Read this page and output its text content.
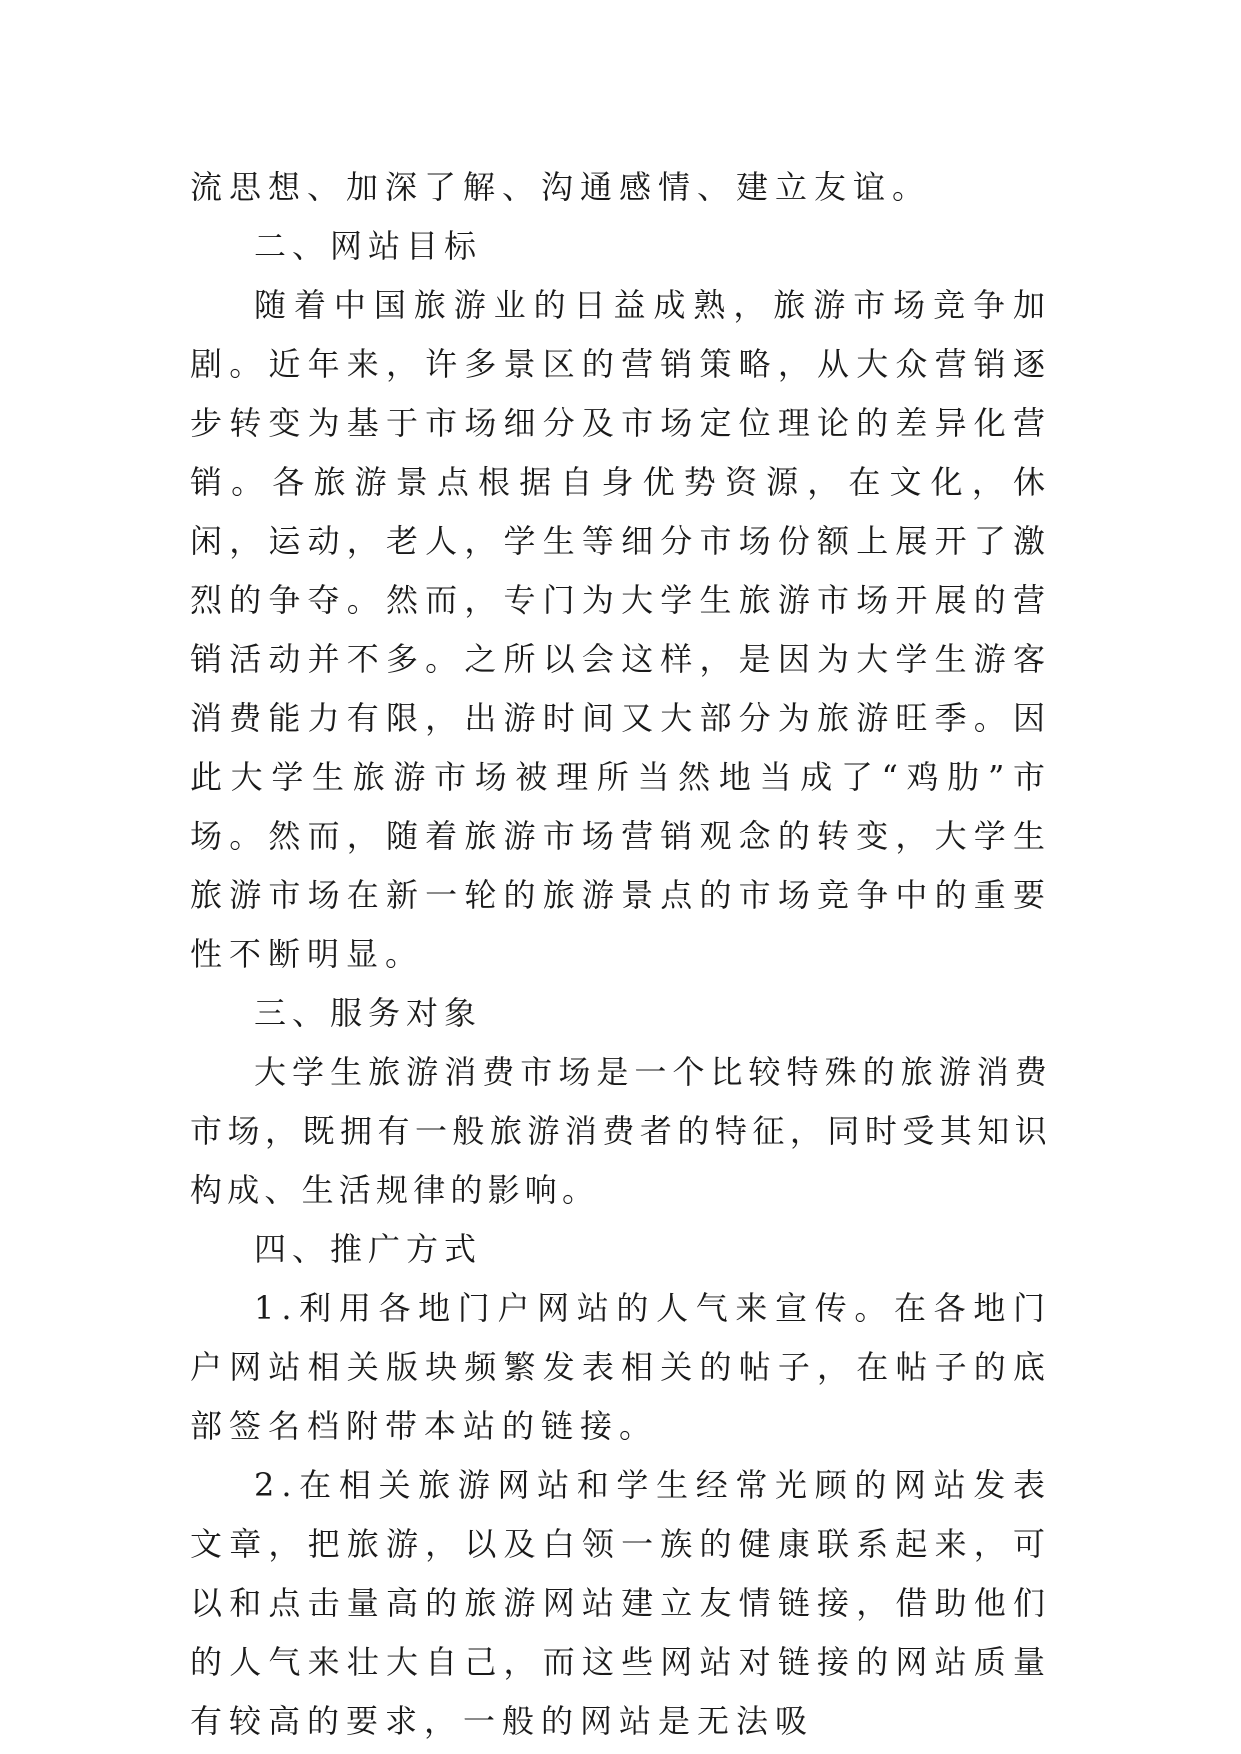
流思想、加深了解、沟通感情、建立友谊。

二、网站目标

随着中国旅游业的日益成熟，旅游市场竞争加剧。近年来，许多景区的营销策略，从大众营销逐步转变为基于市场细分及市场定位理论的差异化营销。各旅游景点根据自身优势资源，在文化，休闲，运动，老人，学生等细分市场份额上展开了激烈的争夺。然而，专门为大学生旅游市场开展的营销活动并不多。之所以会这样，是因为大学生游客消费能力有限，出游时间又大部分为旅游旺季。因此大学生旅游市场被理所当然地当成了“鸡肋”市场。然而，随着旅游市场营销观念的转变，大学生旅游市场在新一轮的旅游景点的市场竞争中的重要性不断明显。

三、服务对象

大学生旅游消费市场是一个比较特殊的旅游消费市场，既拥有一般旅游消费者的特征，同时受其知识构成、生活规律的影响。

四、推广方式

1.利用各地门户网站的人气来宣传。在各地门户网站相关版块频繁发表相关的帖子，在帖子的底部签名档附带本站的链接。

2.在相关旅游网站和学生经常光顾的网站发表文章，把旅游，以及白领一族的健康联系起来，可以和点击量高的旅游网站建立友情链接，借助他们的人气来壮大自己，而这些网站对链接的网站质量有较高的要求，一般的网站是无法吸
